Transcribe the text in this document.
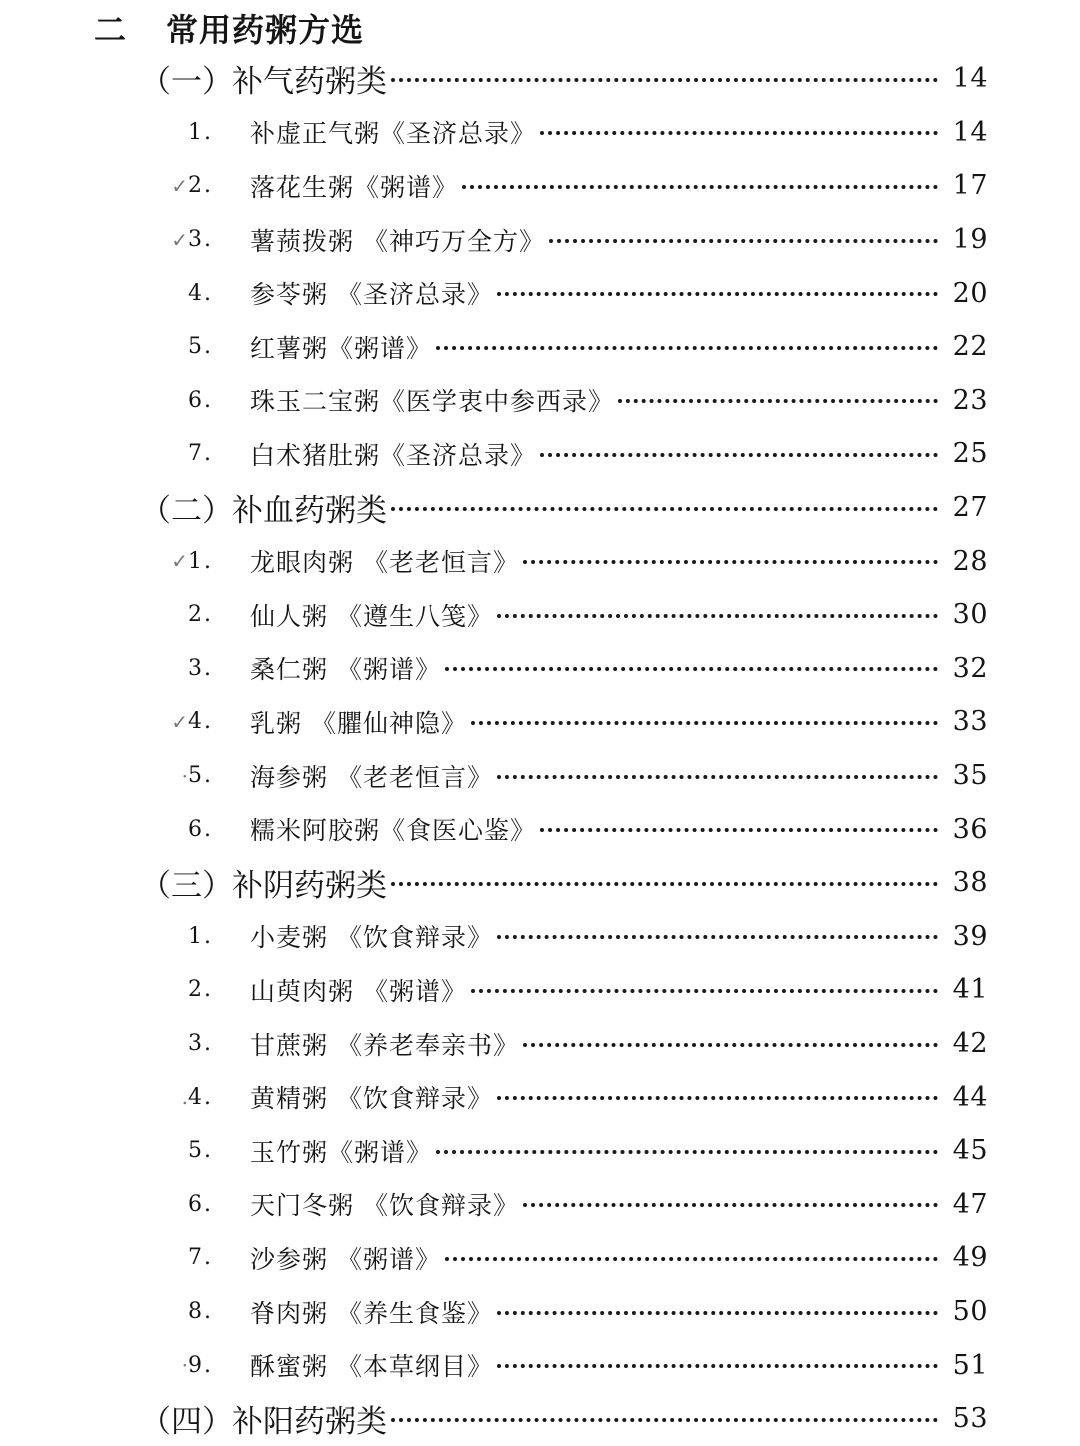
二	常用药粥方选
（一） 补气药粥类	14
1.	补虚正气粥《圣济总录》	14
✓ 2.	落花生粥《粥谱》	17
✓ 3.	薯蓣拨粥 《神巧万全方》	19
4.	参苓粥 《圣济总录》	20
5.	红薯粥《粥谱》	22
6.	珠玉二宝粥《医学衷中参西录》	23
7.	白术猪肚粥《圣济总录》	25
（二） 补血药粥类	27
✓ 1.	龙眼肉粥 《老老恒言》	28
2.	仙人粥 《遵生八笺》	30
3.	桑仁粥 《粥谱》	32
✓ 4.	乳粥 《臞仙神隐》	33
· 5.	海参粥 《老老恒言》	35
6.	糯米阿胶粥《食医心鉴》	36
（三） 补阴药粥类	38
1.	小麦粥 《饮食辩录》	39
2.	山萸肉粥 《粥谱》	41
3.	甘蔗粥 《养老奉亲书》	42
. 4.	黄精粥 《饮食辩录》	44
5.	玉竹粥《粥谱》	45
6.	天门冬粥 《饮食辩录》	47
7.	沙参粥 《粥谱》	49
8.	脊肉粥 《养生食鉴》	50
· 9.	酥蜜粥 《本草纲目》	51
（四） 补阳药粥类	53
